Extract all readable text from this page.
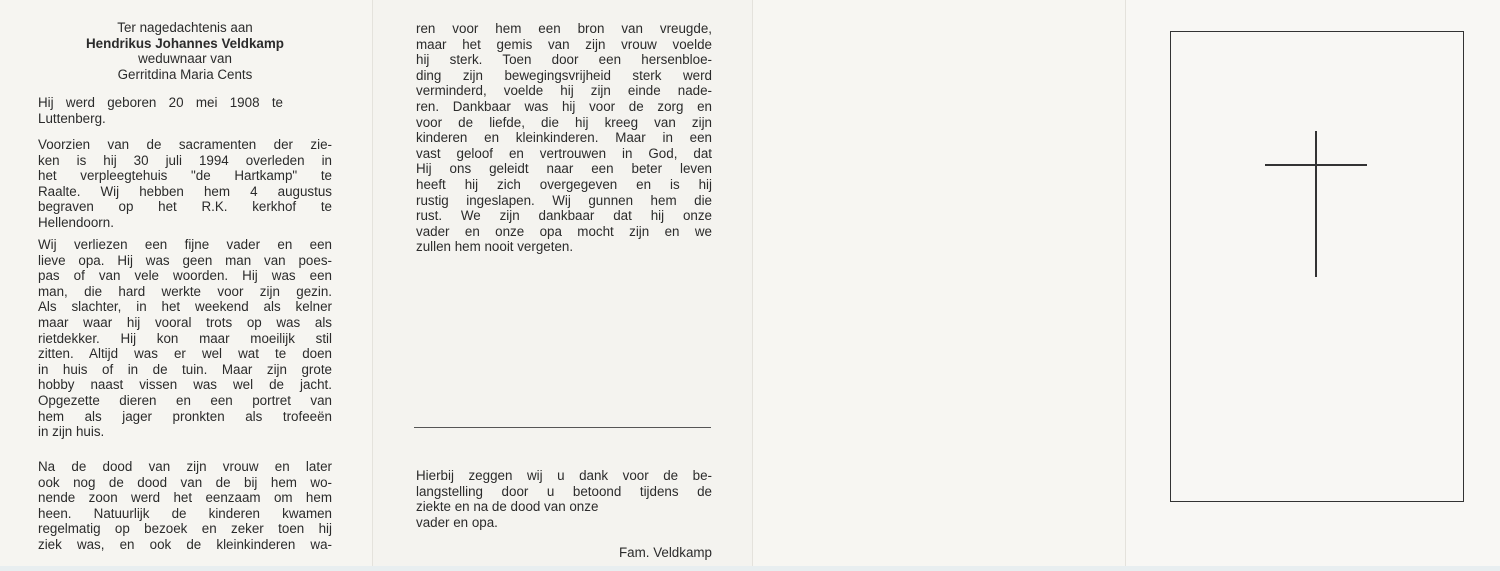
Ter nagedachtenis aan
Hendrikus Johannes Veldkamp
weduwnaar van
Gerritdina Maria Cents
Hij werd geboren 20 mei 1908 te
Luttenberg.
Voorzien van de sacramenten der zie-
ken is hij 30 juli 1994 overleden in
het verpleegtehuis "de Hartkamp" te
Raalte. Wij hebben hem 4 augustus
begraven op het R.K. kerkhof te
Hellendoorn.
Wij verliezen een fijne vader en een
lieve opa. Hij was geen man van poes-
pas of van vele woorden. Hij was een
man, die hard werkte voor zijn gezin.
Als slachter, in het weekend als kelner
maar waar hij vooral trots op was als
rietdekker. Hij kon maar moeilijk stil
zitten. Altijd was er wel wat te doen
in huis of in de tuin. Maar zijn grote
hobby naast vissen was wel de jacht.
Opgezette dieren en een portret van
hem als jager pronkten als trofeeën
in zijn huis.
Na de dood van zijn vrouw en later
ook nog de dood van de bij hem wo-
nende zoon werd het eenzaam om hem
heen. Natuurlijk de kinderen kwamen
regelmatig op bezoek en zeker toen hij
ziek was, en ook de kleinkinderen wa-
ren voor hem een bron van vreugde,
maar het gemis van zijn vrouw voelde
hij sterk. Toen door een hersenbloe-
ding zijn bewegingsvrijheid sterk werd
verminderd, voelde hij zijn einde nade-
ren. Dankbaar was hij voor de zorg en
voor de liefde, die hij kreeg van zijn
kinderen en kleinkinderen. Maar in een
vast geloof en vertrouwen in God, dat
Hij ons geleidt naar een beter leven
heeft hij zich overgegeven en is hij
rustig ingeslapen. Wij gunnen hem die
rust. We zijn dankbaar dat hij onze
vader en onze opa mocht zijn en we
zullen hem nooit vergeten.
Hierbij zeggen wij u dank voor de be-
langstelling door u betoond tijdens de
ziekte en na de dood van onze
vader en opa.
Fam. Veldkamp
